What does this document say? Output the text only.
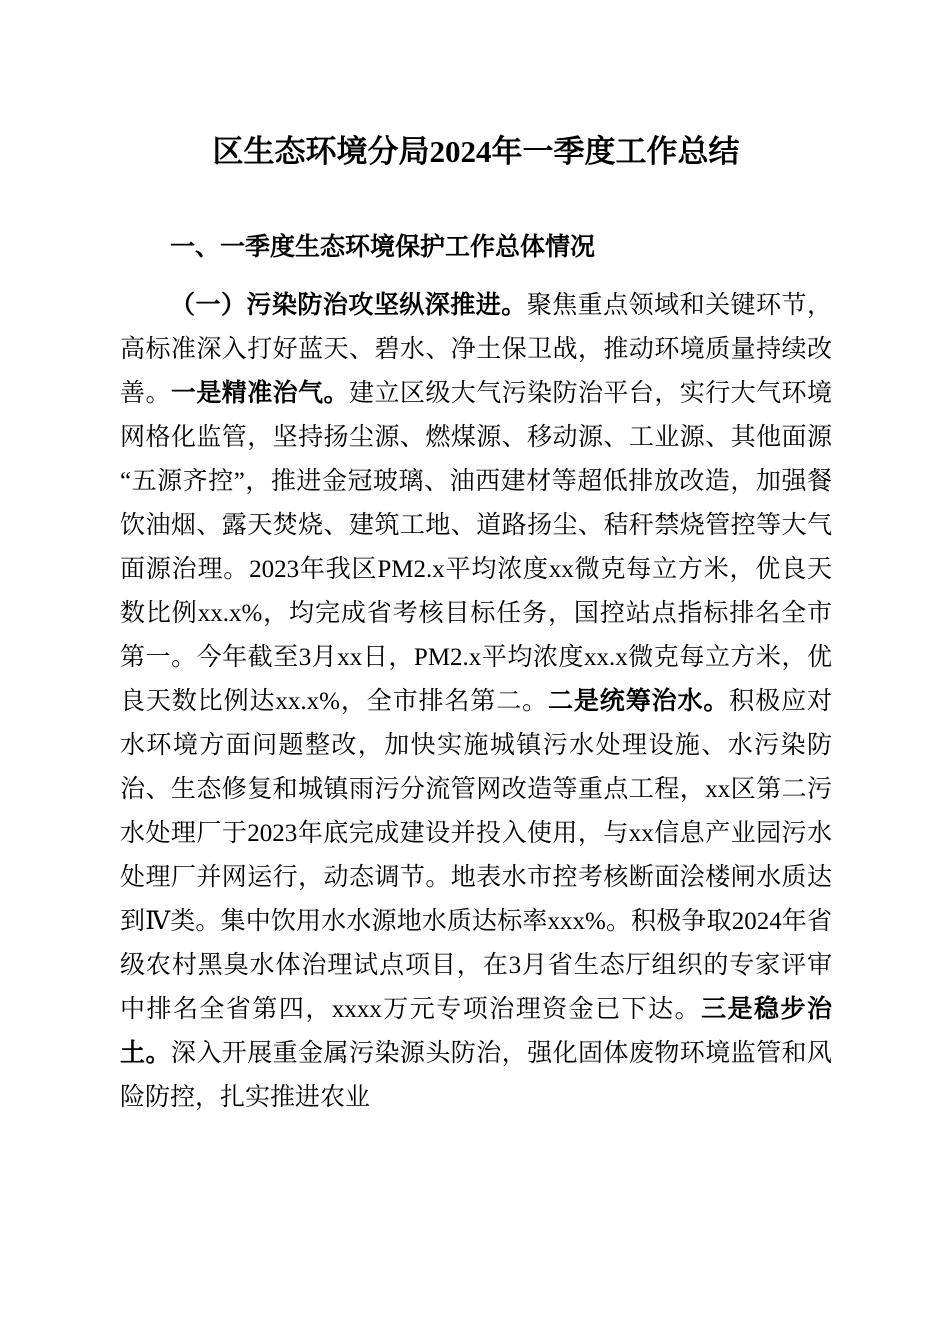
区生态环境分局2024年一季度工作总结
一、一季度生态环境保护工作总体情况

（一）污染防治攻坚纵深推进。聚焦重点领域和关键环节，高标准深入打好蓝天、碧水、净土保卫战，推动环境质量持续改善。一是精准治气。建立区级大气污染防治平台，实行大气环境网格化监管，坚持扬尘源、燃煤源、移动源、工业源、其他面源“五源齐控”，推进金冠玻璃、油西建材等超低排放改造，加强餐饮油烟、露天焚烧、建筑工地、道路扬尘、秸秆禁烧管控等大气面源治理。2023年我区PM2.x平均浓度xx微克每立方米，优良天数比例xx.x%，均完成省考核目标任务，国控站点指标排名全市第一。今年截至3月xx日，PM2.x平均浓度xx.x微克每立方米，优良天数比例达xx.x%，全市排名第二。二是统筹治水。积极应对水环境方面问题整改，加快实施城镇污水处理设施、水污染防治、生态修复和城镇雨污分流管网改造等重点工程，xx区第二污水处理厂于2023年底完成建设并投入使用，与xx信息产业园污水处理厂并网运行，动态调节。地表水市控考核断面浍楼闸水质达到Ⅳ类。集中饮用水水源地水质达标率xxx%。积极争取2024年省级农村黑臭水体治理试点项目，在3月省生态厅组织的专家评审中排名全省第四，xxxx万元专项治理资金已下达。三是稳步治土。深入开展重金属污染源头防治，强化固体废物环境监管和风险防控，扎实推进农业
